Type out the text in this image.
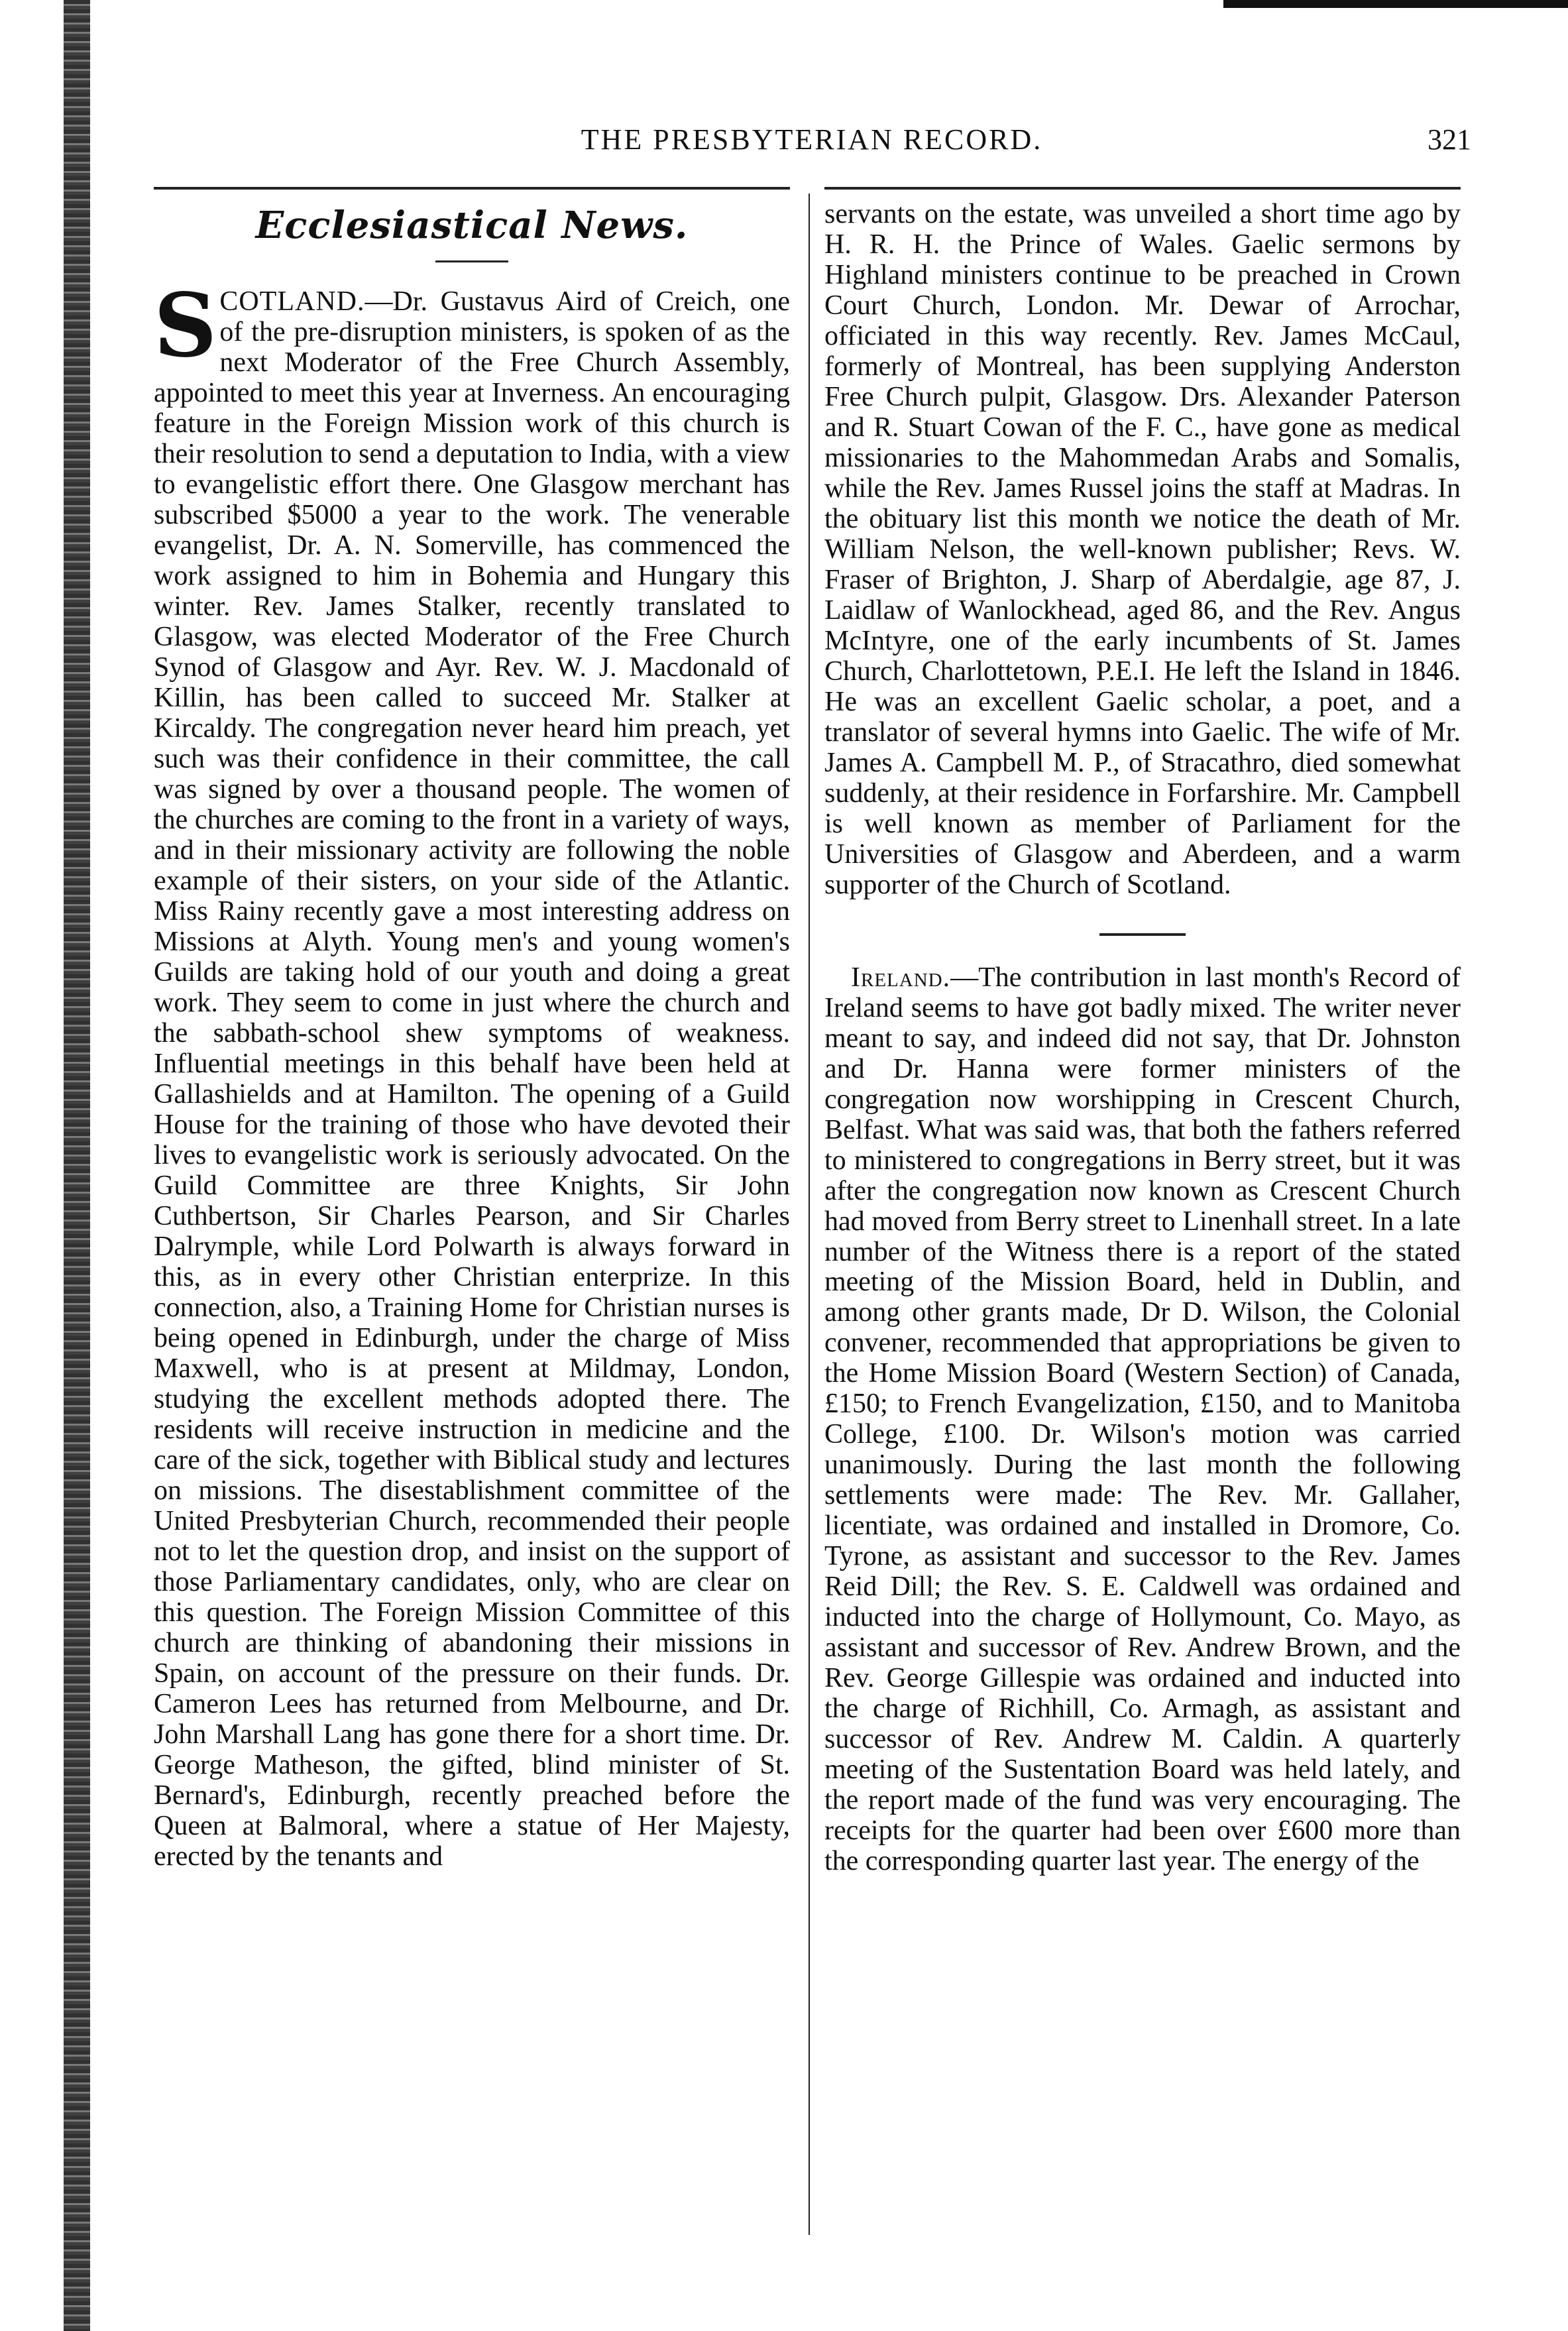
THE PRESBYTERIAN RECORD.	321
Ecclesiastical News.

SCOTLAND.—Dr. Gustavus Aird of Creich, one of the pre-disruption ministers, is spoken of as the next Moderator of the Free Church Assembly, appointed to meet this year at Inverness. An encouraging feature in the Foreign Mission work of this church is their resolution to send a deputation to India, with a view to evangelistic effort there. One Glasgow merchant has subscribed $5000 a year to the work. The venerable evangelist, Dr. A. N. Somerville, has commenced the work assigned to him in Bohemia and Hungary this winter. Rev. James Stalker, recently translated to Glasgow, was elected Moderator of the Free Church Synod of Glasgow and Ayr. Rev. W. J. Macdonald of Killin, has been called to succeed Mr. Stalker at Kircaldy. The congregation never heard him preach, yet such was their confidence in their committee, the call was signed by over a thousand people. The women of the churches are coming to the front in a variety of ways, and in their missionary activity are following the noble example of their sisters, on your side of the Atlantic. Miss Rainy recently gave a most interesting address on Missions at Alyth. Young men's and young women's Guilds are taking hold of our youth and doing a great work. They seem to come in just where the church and the sabbath-school shew symptoms of weakness. Influential meetings in this behalf have been held at Gallashields and at Hamilton. The opening of a Guild House for the training of those who have devoted their lives to evangelistic work is seriously advocated. On the Guild Committee are three Knights, Sir John Cuthbertson, Sir Charles Pearson, and Sir Charles Dalrymple, while Lord Polwarth is always forward in this, as in every other Christian enterprize. In this connection, also, a Training Home for Christian nurses is being opened in Edinburgh, under the charge of Miss Maxwell, who is at present at Mildmay, London, studying the excellent methods adopted there. The residents will receive instruction in medicine and the care of the sick, together with Biblical study and lectures on missions. The disestablishment committee of the United Presbyterian Church, recommended their people not to let the question drop, and insist on the support of those Parliamentary candidates, only, who are clear on this question. The Foreign Mission Committee of this church are thinking of abandoning their missions in Spain, on account of the pressure on their funds. Dr. Cameron Lees has returned from Melbourne, and Dr. John Marshall Lang has gone there for a short time. Dr. George Matheson, the gifted, blind minister of St. Bernard's, Edinburgh, recently preached before the Queen at Balmoral, where a statue of Her Majesty, erected by the tenants and

servants on the estate, was unveiled a short time ago by H. R. H. the Prince of Wales. Gaelic sermons by Highland ministers continue to be preached in Crown Court Church, London. Mr. Dewar of Arrochar, officiated in this way recently. Rev. James McCaul, formerly of Montreal, has been supplying Anderston Free Church pulpit, Glasgow. Drs. Alexander Paterson and R. Stuart Cowan of the F. C., have gone as medical missionaries to the Mahommedan Arabs and Somalis, while the Rev. James Russel joins the staff at Madras. In the obituary list this month we notice the death of Mr. William Nelson, the well-known publisher; Revs. W. Fraser of Brighton, J. Sharp of Aberdalgie, age 87, J. Laidlaw of Wanlockhead, aged 86, and the Rev. Angus McIntyre, one of the early incumbents of St. James Church, Charlottetown, P.E.I. He left the Island in 1846. He was an excellent Gaelic scholar, a poet, and a translator of several hymns into Gaelic. The wife of Mr. James A. Campbell M. P., of Stracathro, died somewhat suddenly, at their residence in Forfarshire. Mr. Campbell is well known as member of Parliament for the Universities of Glasgow and Aberdeen, and a warm supporter of the Church of Scotland.

Ireland.—The contribution in last month's Record of Ireland seems to have got badly mixed. The writer never meant to say, and indeed did not say, that Dr. Johnston and Dr. Hanna were former ministers of the congregation now worshipping in Crescent Church, Belfast. What was said was, that both the fathers referred to ministered to congregations in Berry street, but it was after the congregation now known as Crescent Church had moved from Berry street to Linenhall street. In a late number of the Witness there is a report of the stated meeting of the Mission Board, held in Dublin, and among other grants made, Dr D. Wilson, the Colonial convener, recommended that appropriations be given to the Home Mission Board (Western Section) of Canada, £150; to French Evangelization, £150, and to Manitoba College, £100. Dr. Wilson's motion was carried unanimously. During the last month the following settlements were made: The Rev. Mr. Gallaher, licentiate, was ordained and installed in Dromore, Co. Tyrone, as assistant and successor to the Rev. James Reid Dill; the Rev. S. E. Caldwell was ordained and inducted into the charge of Hollymount, Co. Mayo, as assistant and successor of Rev. Andrew Brown, and the Rev. George Gillespie was ordained and inducted into the charge of Richhill, Co. Armagh, as assistant and successor of Rev. Andrew M. Caldin. A quarterly meeting of the Sustentation Board was held lately, and the report made of the fund was very encouraging. The receipts for the quarter had been over £600 more than the corresponding quarter last year. The energy of the
